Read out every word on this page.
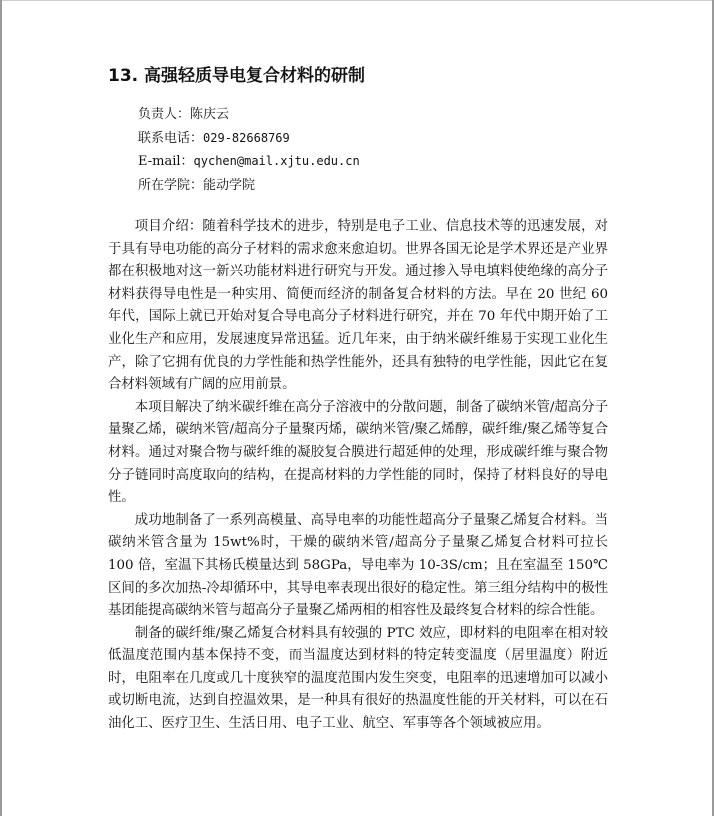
13. 高强轻质导电复合材料的研制
负责人：陈庆云
联系电话：029-82668769
E-mail：qychen@mail.xjtu.edu.cn
所在学院：能动学院

项目介绍：随着科学技术的进步，特别是电子工业、信息技术等的迅速发展，对于具有导电功能的高分子材料的需求愈来愈迫切。世界各国无论是学术界还是产业界都在积极地对这一新兴功能材料进行研究与开发。通过掺入导电填料使绝缘的高分子材料获得导电性是一种实用、简便而经济的制备复合材料的方法。早在 20 世纪 60 年代，国际上就已开始对复合导电高分子材料进行研究，并在 70 年代中期开始了工业化生产和应用，发展速度异常迅猛。近几年来，由于纳米碳纤维易于实现工业化生产，除了它拥有优良的力学性能和热学性能外，还具有独特的电学性能，因此它在复合材料领域有广阔的应用前景。

本项目解决了纳米碳纤维在高分子溶液中的分散问题，制备了碳纳米管/超高分子量聚乙烯，碳纳米管/超高分子量聚丙烯，碳纳米管/聚乙烯醇，碳纤维/聚乙烯等复合材料。通过对聚合物与碳纤维的凝胶复合膜进行超延伸的处理，形成碳纤维与聚合物分子链同时高度取向的结构，在提高材料的力学性能的同时，保持了材料良好的导电性。

成功地制备了一系列高模量、高导电率的功能性超高分子量聚乙烯复合材料。当碳纳米管含量为 15wt%时，干燥的碳纳米管/超高分子量聚乙烯复合材料可拉长 100 倍，室温下其杨氏模量达到 58GPa，导电率为 10-3S/cm；且在室温至 150℃区间的多次加热-冷却循环中，其导电率表现出很好的稳定性。第三组分结构中的极性基团能提高碳纳米管与超高分子量聚乙烯两相的相容性及最终复合材料的综合性能。

制备的碳纤维/聚乙烯复合材料具有较强的 PTC 效应，即材料的电阻率在相对较低温度范围内基本保持不变，而当温度达到材料的特定转变温度（居里温度）附近时，电阻率在几度或几十度狭窄的温度范围内发生突变，电阻率的迅速增加可以减小或切断电流，达到自控温效果，是一种具有很好的热温度性能的开关材料，可以在石油化工、医疗卫生、生活日用、电子工业、航空、军事等各个领域被应用。
